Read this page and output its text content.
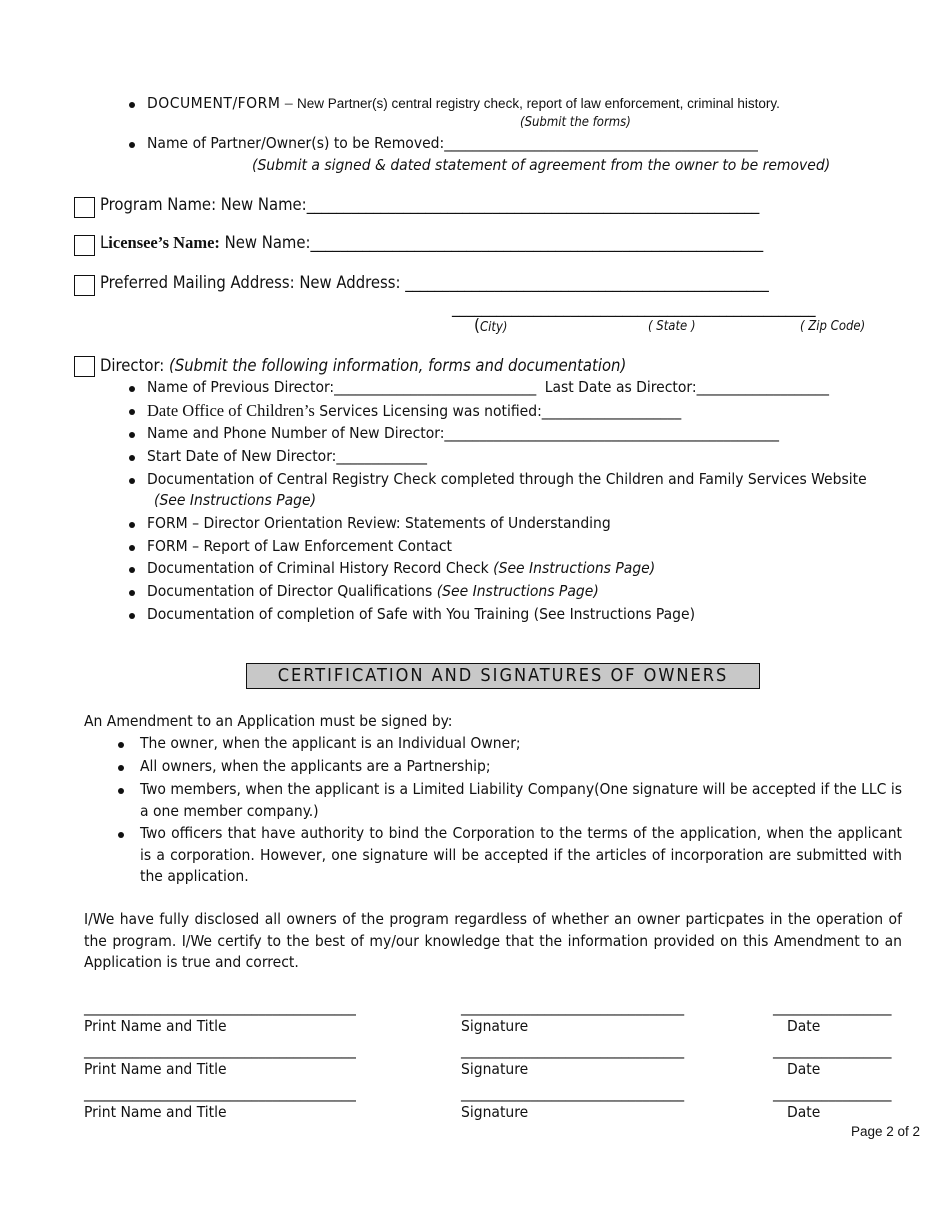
DOCUMENT/FORM – New Partner(s) central registry check, report of law enforcement, criminal history.
(Submit the forms)
Name of Partner/Owner(s) to be Removed:_____________________________________________
(Submit a signed & dated statement of agreement from the owner to be removed)
Program Name: New Name:_____________________________________________________________
Licensee’s Name: New Name:_____________________________________________________________
Preferred Mailing Address: New Address: _________________________________________________
_________________________________________________
(City)	( State )	( Zip Code)
Director: (Submit the following information, forms and documentation)
Name of Previous Director:_____________________________ Last Date as Director:___________________
Date Office of Children’s Services Licensing was notified:____________________
Name and Phone Number of New Director:________________________________________________
Start Date of New Director:_____________
Documentation of Central Registry Check completed through the Children and Family Services Website
(See Instructions Page)
FORM – Director Orientation Review: Statements of Understanding
FORM – Report of Law Enforcement Contact
Documentation of Criminal History Record Check (See Instructions Page)
Documentation of Director Qualifications (See Instructions Page)
Documentation of completion of Safe with You Training (See Instructions Page)
CERTIFICATION AND SIGNATURES OF OWNERS
An Amendment to an Application must be signed by:
The owner, when the applicant is an Individual Owner;
All owners, when the applicants are a Partnership;
Two members, when the applicant is a Limited Liability Company(One signature will be accepted if the LLC is a one member company.)
Two officers that have authority to bind the Corporation to the terms of the application, when the applicant is a corporation. However, one signature will be accepted if the articles of incorporation are submitted with the application.
I/We have fully disclosed all owners of the program regardless of whether an owner particpates in the operation of the program. I/We certify to the best of my/our knowledge that the information provided on this Amendment to an Application is true and correct.
_______________________________________	________________________________	_________________
Print Name and Title	Signature	Date
_______________________________________	________________________________	_________________
Print Name and Title	Signature	Date
_______________________________________	________________________________	_________________
Print Name and Title	Signature	Date
Page 2 of 2
